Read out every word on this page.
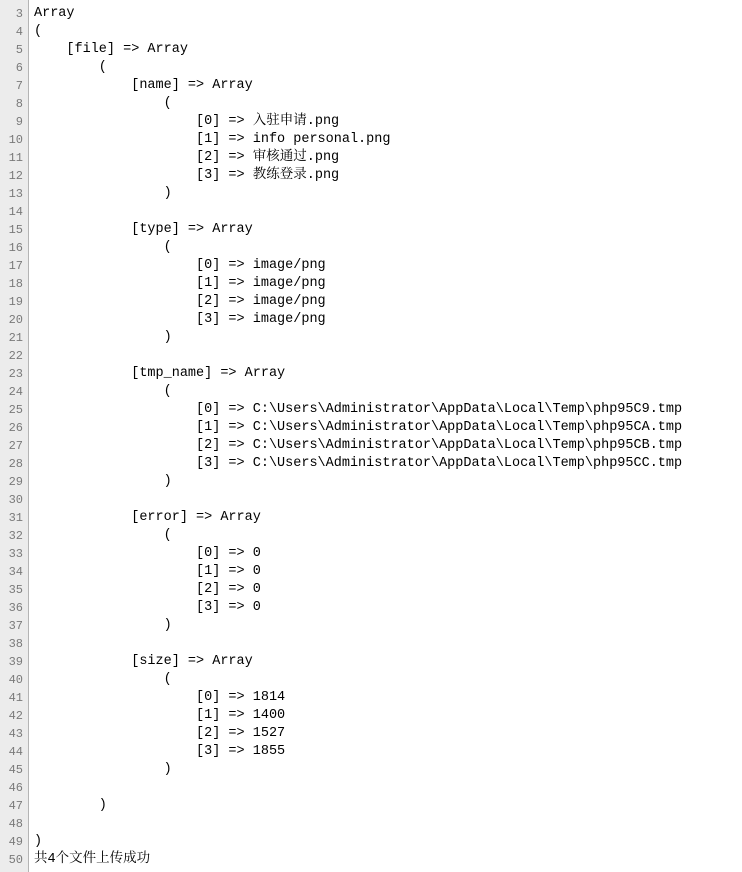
3 Array
4 (
5 [file] => Array
6 (
7 [name] => Array
8 (
9 [0] => 入驻申请.png
10 [1] => info personal.png
11 [2] => 审核通过.png
12 [3] => 教练登录.png
13 )
14
15 [type] => Array
16 (
17 [0] => image/png
18 [1] => image/png
19 [2] => image/png
20 [3] => image/png
21 )
22
23 [tmp_name] => Array
24 (
25 [0] => C:\Users\Administrator\AppData\Local\Temp\php95C9.tmp
26 [1] => C:\Users\Administrator\AppData\Local\Temp\php95CA.tmp
27 [2] => C:\Users\Administrator\AppData\Local\Temp\php95CB.tmp
28 [3] => C:\Users\Administrator\AppData\Local\Temp\php95CC.tmp
29 )
30
31 [error] => Array
32 (
33 [0] => 0
34 [1] => 0
35 [2] => 0
36 [3] => 0
37 )
38
39 [size] => Array
40 (
41 [0] => 1814
42 [1] => 1400
43 [2] => 1527
44 [3] => 1855
45 )
46
47 )
48
49 )
50 共4个文件上传成功
